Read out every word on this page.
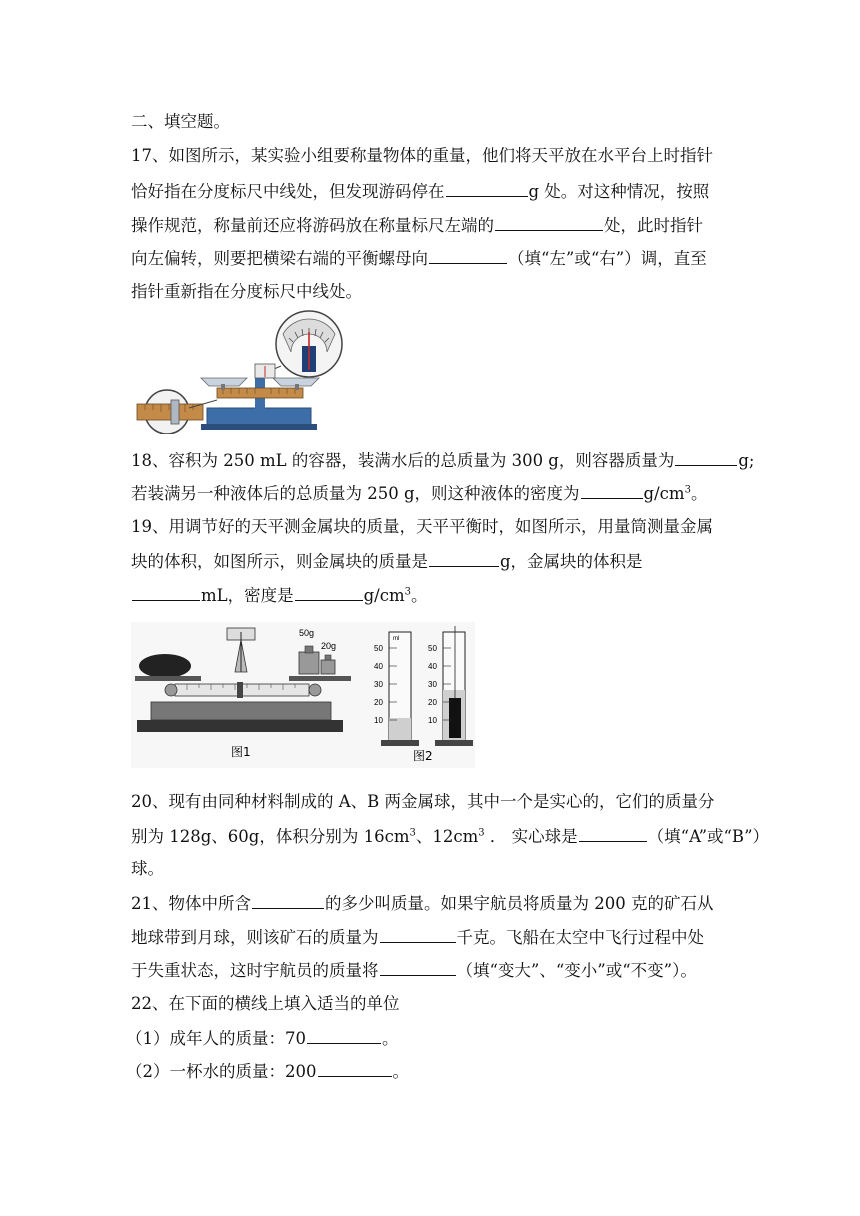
二、填空题。
17、如图所示，某实验小组要称量物体的重量，他们将天平放在水平台上时指针
恰好指在分度标尺中线处，但发现游码停在	g 处。对这种情况，按照
操作规范，称量前还应将游码放在称量标尺左端的	处，此时指针
向左偏转，则要把横梁右端的平衡螺母向	（填“左”或“右”）调，直至
指针重新指在分度标尺中线处。
18、容积为 250 mL 的容器，装满水后的总质量为 300 g，则容器质量为	g;
若装满另一种液体后的总质量为 250 g，则这种液体的密度为	$g/cm^3$。
19、用调节好的天平测金属块的质量，天平平衡时，如图所示，用量筒测量金属
块的体积，如图所示，则金属块的质量是	g，金属块的体积是
mL，密度是	$g/cm^3$。
50g
20g
图1
50
40
30
20
10
ml
50
40
30
20
10
图2
20、现有由同种材料制成的 A、B 两金属球，其中一个是实心的，它们的质量分
别为 128g、60g，体积分别为 $16cm^3$、$12cm^3$ ． 实心球是	（填“A”或“B”）
球。
21、物体中所含	的多少叫质量。如果宇航员将质量为 200 克的矿石从
地球带到月球，则该矿石的质量为	千克。飞船在太空中飞行过程中处
于失重状态，这时宇航员的质量将	（填“变大”、“变小”或“不变”）。
22、在下面的横线上填入适当的单位
（1）成年人的质量：70	。
（2）一杯水的质量：200	。
